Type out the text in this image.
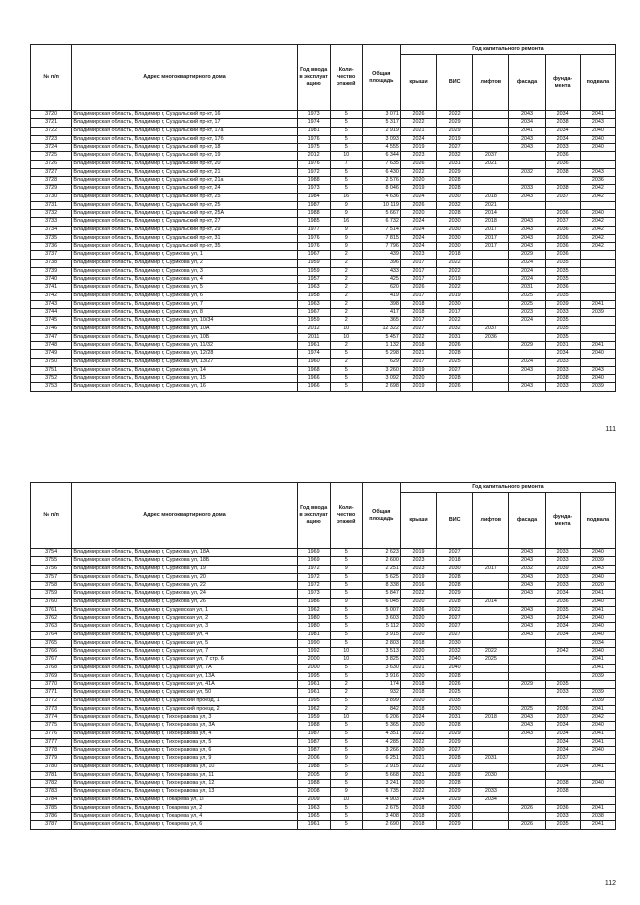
№ п/п	Адрес многоквартирного дома	Год ввода в эксплуат ацию	Коли-чество этажей	Общая площадь	Год капитального ремонта					
					крыши	ВИС	лифтов	фасада	фунда-мента	подвала
3720	Владимирская область, Владимир г, Суздальский пр-кт, 16	1973	5	3 071	2026	2022		2043	2034	2041
3721	Владимирская область, Владимир г, Суздальский пр-кт, 17	1974	5	5 317	2022	2029		2034	2038	2043
3722	Владимирская область, Владимир г, Суздальский пр-кт, 17а	1981	5	2 919	2021	2029		2041	2034	2040
3723	Владимирская область, Владимир г, Суздальский пр-кт, 17б	1976	5	3 093	2024	2019		2043	2034	2040
3724	Владимирская область, Владимир г, Суздальский пр-кт, 18	1975	5	4 555	2019	2027		2043	2033	2040
3725	Владимирская область, Владимир г, Суздальский пр-кт, 19	2012	10	6 344	2023	2032	2037		2036	
3726	Владимирская область, Владимир г, Суздальский пр-кт, 20	1976	7	7 635	2026	2031	2021		2036	
3727	Владимирская область, Владимир г, Суздальский пр-кт, 21	1972	5	6 430	2022	2029		2032	2038	2043
3728	Владимирская область, Владимир г, Суздальский пр-кт, 21а	1988	5	2 576	2020	2028				2036
3729	Владимирская область, Владимир г, Суздальский пр-кт, 24	1973	5	8 046	2019	2028		2033	2038	2042
3730	Владимирская область, Владимир г, Суздальский пр-кт, 25	1984	16	4 636	2024	2030	2018	2043	2037	2042
3731	Владимирская область, Владимир г, Суздальский пр-кт, 25	1987	9	10 119	2026	2032	2021			
3732	Владимирская область, Владимир г, Суздальский пр-кт, 25А	1988	9	5 667	2020	2028	2014		2036	2040
3733	Владимирская область, Владимир г, Суздальский пр-кт, 27	1985	16	6 732	2024	2030	2018	2043	2037	2042
3734	Владимирская область, Владимир г, Суздальский пр-кт, 29	1977	9	7 514	2024	2030	2017	2043	2036	2042
3735	Владимирская область, Владимир г, Суздальский пр-кт, 31	1976	9	7 815	2024	2030	2017	2043	2036	2042
3736	Владимирская область, Владимир г, Суздальский пр-кт, 35	1976	9	7 796	2024	2030	2017	2043	2036	2042
3737	Владимирская область, Владимир г, Сурикова ул, 1	1967	2	439	2023	2018		2029	2036	
3738	Владимирская область, Владимир г, Сурикова ул, 2	1959	2	396	2017	2022		2024	2035	
3739	Владимирская область, Владимир г, Сурикова ул, 3	1959	2	433	2017	2022		2024	2035	
3740	Владимирская область, Владимир г, Сурикова ул, 4	1957	2	425	2017	2019		2024	2035	
3741	Владимирская область, Владимир г, Сурикова ул, 5	1963	2	620	2026	2022		2031	2036	
3742	Владимирская область, Владимир г, Сурикова ул, 6	1958	2	419	2017	2019		2025	2035	
3743	Владимирская область, Владимир г, Сурикова ул, 7	1963	2	398	2018	2030		2025	2039	2041
3744	Владимирская область, Владимир г, Сурикова ул, 8	1967	2	417	2018	2017		2023	2033	2039
3745	Владимирская область, Владимир г, Сурикова ул, 10/34	1959	2	365	2017	2022		2024	2035	
3746	Владимирская область, Владимир г, Сурикова ул, 10А	2012	10	12 322	2027	2032	2037		2035	
3747	Владимирская область, Владимир г, Сурикова ул, 10Б	2011	10	5 457	2022	2031	2036		2035	
3748	Владимирская область, Владимир г, Сурикова ул, 11/32	1961	2	1 132	2018	2026		2029	2031	2041
3749	Владимирская область, Владимир г, Сурикова ул, 12/28	1974	5	5 298	2021	2028			2034	2040
3750	Владимирская область, Владимир г, Сурикова ул, 13/27	1960	2	629	2017	2025		2024	2033	
3751	Владимирская область, Владимир г, Сурикова ул, 14	1968	5	3 260	2019	2027		2043	2033	2043
3752	Владимирская область, Владимир г, Сурикова ул, 15	1966	5	3 092	2020	2028			2038	2040
3753	Владимирская область, Владимир г, Сурикова ул, 16	1966	5	2 698	2019	2026		2043	2033	2039
111
№ п/п	Адрес многоквартирного дома	Год ввода в эксплуат ацию	Коли-чество этажей	Общая площадь	Год капитального ремонта					
					крыши	ВИС	лифтов	фасада	фунда-мента	подвала
3754	Владимирская область, Владимир г, Сурикова ул, 18А	1969	5	2 623	2019	2027		2043	2033	2040
3755	Владимирская область, Владимир г, Сурикова ул, 18Б	1969	5	2 600	2023	2018		2043	2033	2039
3756	Владимирская область, Владимир г, Сурикова ул, 19	1972	9	2 251	2023	2030	2017	2032	2039	2043
3757	Владимирская область, Владимир г, Сурикова ул, 20	1972	5	5 625	2019	2028		2043	2033	2040
3758	Владимирская область, Владимир г, Сурикова ул, 22	1972	5	8 338	2016	2028		2043	2033	2020
3759	Владимирская область, Владимир г, Сурикова ул, 24	1973	5	5 847	2022	2029		2043	2034	2041
3760	Владимирская область, Владимир г, Сурикова ул, 26	1986	9	6 045	2020	2028	2014		2036	2040
3761	Владимирская область, Владимир г, Суздевская ул, 1	1962	5	5 007	2026	2022		2043	2035	2041
3762	Владимирская область, Владимир г, Суздевская ул, 2	1980	5	3 603	2020	2027		2043	2034	2040
3763	Владимирская область, Владимир г, Суздевская ул, 3	1980	5	5 112	2020	2027		2043	2034	2040
3764	Владимирская область, Владимир г, Суздевская ул, 4	1981	5	3 915	2020	2027		2043	2034	2040
3765	Владимирская область, Владимир г, Суздевская ул, 5	1990	5	2 803	2018	2030				2034
3766	Владимирская область, Владимир г, Суздевская ул, 7	1992	10	3 513	2020	2032	2022		2042	2040
3767	Владимирская область, Владимир г, Суздевская ул, 7 стр. 6	2000	10	3 825	2021	2040	2025			2041
3768	Владимирская область, Владимир г, Суздевская ул, 7А	2000	5	3 630	2021	2040				2041
3769	Владимирская область, Владимир г, Суздевская ул, 13А	1995	5	3 916	2020	2028				2039
3770	Владимирская область, Владимир г, Суздевская ул, 41А	1961	2	174	2018	2026		2029	2035	
3771	Владимирская область, Владимир г, Суздевская ул, 50	1961	2	932	2018	2025			2033	2039
3772	Владимирская область, Владимир г, Суздевский проезд, 1	1995	5	3 899	2020	2035				2039
3773	Владимирская область, Владимир г, Суздевский проезд, 2	1962	2	842	2018	2030		2025	2036	2041
3774	Владимирская область, Владимир г, Тихонравова ул, 3	1959	10	6 206	2024	2031	2018	2043	2037	2042
3775	Владимирская область, Владимир г, Тихонравова ул, 3А	1988	5	5 365	2020	2028		2043	2034	2040
3776	Владимирская область, Владимир г, Тихонравова ул, 4	1987	5	4 351	2022	2029		2043	2034	2041
3777	Владимирская область, Владимир г, Тихонравова ул, 5	1987	5	4 285	2022	2029			2034	2041
3778	Владимирская область, Владимир г, Тихонравова ул, 6	1987	5	3 266	2020	2027			2034	2040
3779	Владимирская область, Владимир г, Тихонравова ул, 9	2006	9	6 251	2021	2028	2031		2037	
3780	Владимирская область, Владимир г, Тихонравова ул, 10	1988	5	2 915	2022	2029			2034	2041
3781	Владимирская область, Владимир г, Тихонравова ул, 11	2005	9	5 668	2021	2028	2030			
3782	Владимирская область, Владимир г, Тихонравова ул, 12	1988	5	3 241	2020	2028			2038	2040
3783	Владимирская область, Владимир г, Тихонравова ул, 13	2008	9	6 735	2022	2029	2033		2038	
3784	Владимирская область, Владимир г, Токарева ул, 1Г	2009	10	4 903	2024	2029	2034			
3785	Владимирская область, Владимир г, Токарева ул, 2	1963	5	2 675	2018	2030		2026	2036	2041
3786	Владимирская область, Владимир г, Токарева ул, 4	1965	5	3 408	2018	2026			2033	2038
3787	Владимирская область, Владимир г, Токарева ул, 6	1961	5	2 690	2018	2029		2026	2035	2041
112
